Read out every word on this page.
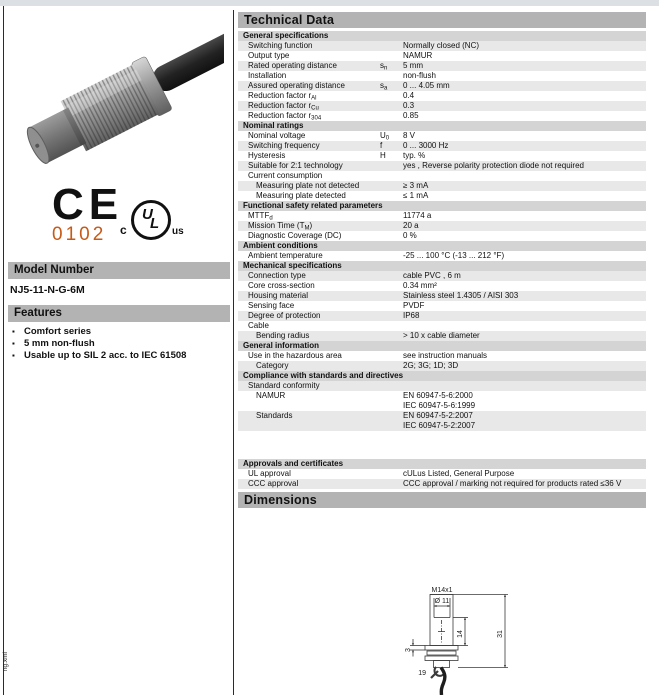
CE
0102	c
U
L us
Model Number
NJ5-11-N-G-6M
Features
▪ Comfort series
▪ 5 mm non-flush
▪ Usable up to SIL 2 acc. to IEC 61508
ng.xml
Technical Data
General specifications
Switching function	Normally closed (NC)
Output type	NAMUR
Rated operating distance	$s_n$	5 mm
Installation	non-flush
Assured operating distance	$s_a$	0 ... 4.05 mm
Reduction factor $r_{Al}$	0.4
Reduction factor $r_{Cu}$	0.3
Reduction factor $r_{304}$	0.85
Nominal ratings
Nominal voltage	$U_0$	8 V
Switching frequency	f	0 ... 3000 Hz
Hysteresis	H	typ. %
Suitable for 2:1 technology	yes , Reverse polarity protection diode not required
Current consumption
Measuring plate not detected	≥ 3 mA
Measuring plate detected	≤ 1 mA
Functional safety related parameters
$MTTF_d$	11774 a
Mission Time $(T_M)$	20 a
Diagnostic Coverage (DC)	0 %
Ambient conditions
Ambient temperature	-25 ... 100 °C (-13 ... 212 °F)
Mechanical specifications
Connection type	cable PVC , 6 m
Core cross-section	0.34 mm²
Housing material	Stainless steel 1.4305 / AISI 303
Sensing face	PVDF
Degree of protection	IP68
Cable
Bending radius	> 10 x cable diameter
General information
Use in the hazardous area	see instruction manuals
Category	2G; 3G; 1D; 3D
Compliance with standards and directives
Standard conformity
NAMUR	EN 60947-5-6:2000
IEC 60947-5-6:1999
Standards	EN 60947-5-2:2007
IEC 60947-5-2:2007
Approvals and certificates
UL approval	cULus Listed, General Purpose
CCC approval	CCC approval / marking not required for products rated ≤36 V
Dimensions
M14x1
Ø 11
14	31
3
19
